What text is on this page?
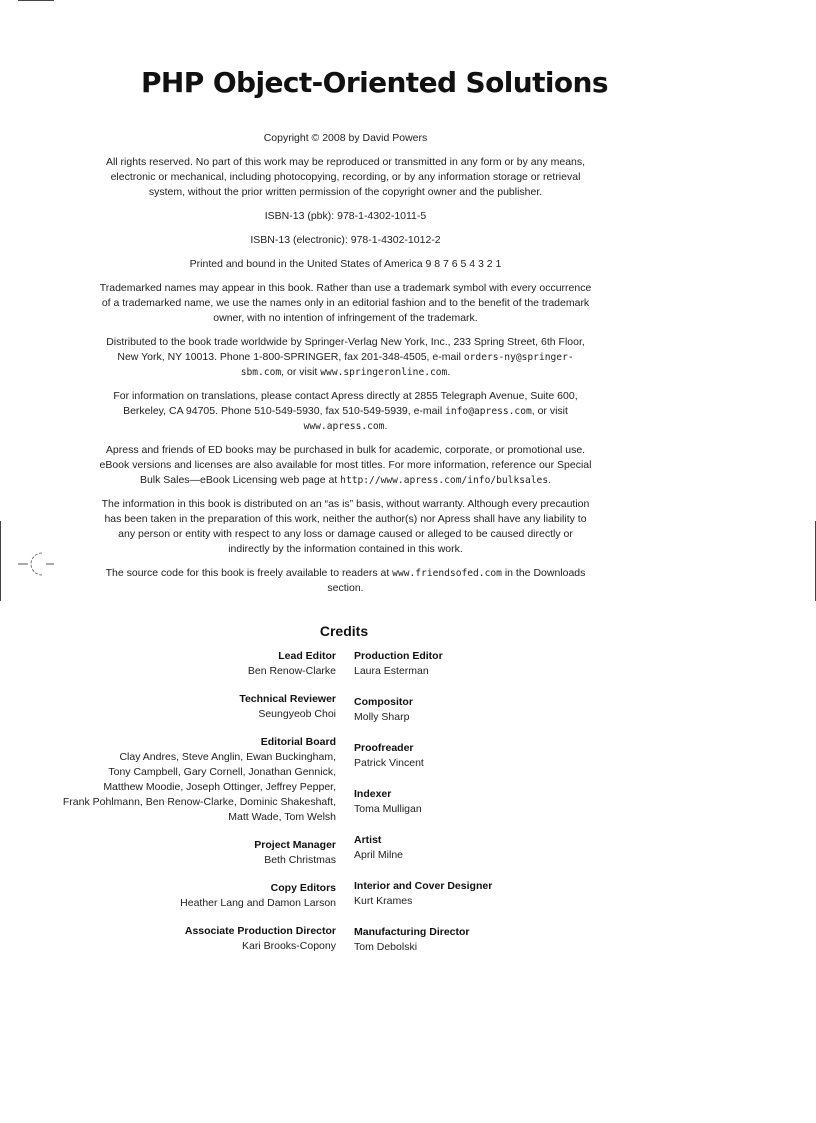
PHP Object-Oriented Solutions

Copyright © 2008 by David Powers

All rights reserved. No part of this work may be reproduced or transmitted in any form or by any means, electronic or mechanical, including photocopying, recording, or by any information storage or retrieval system, without the prior written permission of the copyright owner and the publisher.

ISBN-13 (pbk): 978-1-4302-1011-5

ISBN-13 (electronic): 978-1-4302-1012-2

Printed and bound in the United States of America 9 8 7 6 5 4 3 2 1

Trademarked names may appear in this book. Rather than use a trademark symbol with every occurrence of a trademarked name, we use the names only in an editorial fashion and to the benefit of the trademark owner, with no intention of infringement of the trademark.

Distributed to the book trade worldwide by Springer-Verlag New York, Inc., 233 Spring Street, 6th Floor, New York, NY 10013. Phone 1-800-SPRINGER, fax 201-348-4505, e-mail orders-ny@springer-sbm.com, or visit www.springeronline.com.

For information on translations, please contact Apress directly at 2855 Telegraph Avenue, Suite 600, Berkeley, CA 94705. Phone 510-549-5930, fax 510-549-5939, e-mail info@apress.com, or visit www.apress.com.

Apress and friends of ED books may be purchased in bulk for academic, corporate, or promotional use. eBook versions and licenses are also available for most titles. For more information, reference our Special Bulk Sales—eBook Licensing web page at http://www.apress.com/info/bulksales.

The information in this book is distributed on an “as is” basis, without warranty. Although every precaution has been taken in the preparation of this work, neither the author(s) nor Apress shall have any liability to any person or entity with respect to any loss or damage caused or alleged to be caused directly or indirectly by the information contained in this work.

The source code for this book is freely available to readers at www.friendsofed.com in the Downloads section.

Credits
Lead Editor
Ben Renow-Clarke
Technical Reviewer
Seungyeob Choi
Editorial Board
Clay Andres, Steve Anglin, Ewan Buckingham,
Tony Campbell, Gary Cornell, Jonathan Gennick,
Matthew Moodie, Joseph Ottinger, Jeffrey Pepper,
Frank Pohlmann, Ben Renow-Clarke, Dominic Shakeshaft,
Matt Wade, Tom Welsh
Project Manager
Beth Christmas
Copy Editors
Heather Lang and Damon Larson
Associate Production Director
Kari Brooks-Copony
Production Editor
Laura Esterman
Compositor
Molly Sharp
Proofreader
Patrick Vincent
Indexer
Toma Mulligan
Artist
April Milne
Interior and Cover Designer
Kurt Krames
Manufacturing Director
Tom Debolski
